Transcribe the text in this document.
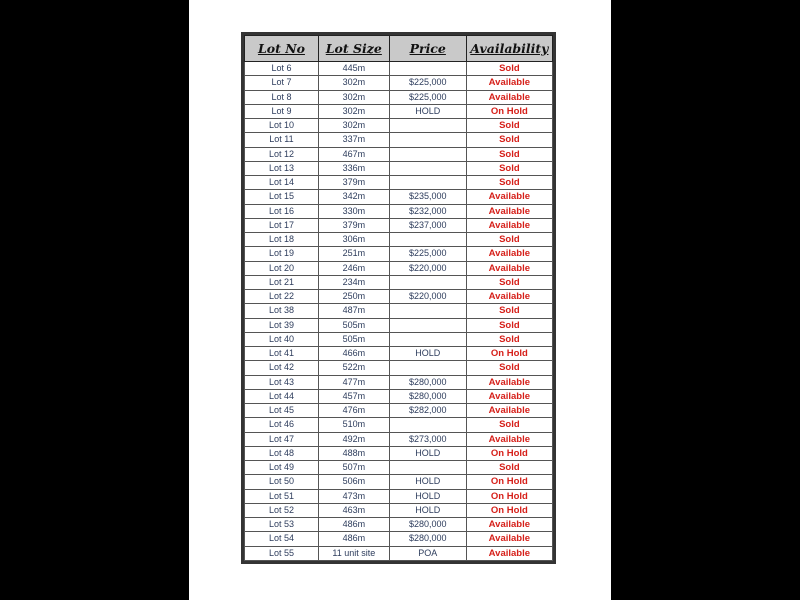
Lot No	Lot Size	Price	Availability
Lot 6	445m		Sold
Lot 7	302m	$225,000	Available
Lot 8	302m	$225,000	Available
Lot 9	302m	HOLD	On Hold
Lot 10	302m		Sold
Lot 11	337m		Sold
Lot 12	467m		Sold
Lot 13	336m		Sold
Lot 14	379m		Sold
Lot 15	342m	$235,000	Available
Lot 16	330m	$232,000	Available
Lot 17	379m	$237,000	Available
Lot 18	306m		Sold
Lot 19	251m	$225,000	Available
Lot 20	246m	$220,000	Available
Lot 21	234m		Sold
Lot 22	250m	$220,000	Available
Lot 38	487m		Sold
Lot 39	505m		Sold
Lot 40	505m		Sold
Lot 41	466m	HOLD	On Hold
Lot 42	522m		Sold
Lot 43	477m	$280,000	Available
Lot 44	457m	$280,000	Available
Lot 45	476m	$282,000	Available
Lot 46	510m		Sold
Lot 47	492m	$273,000	Available
Lot 48	488m	HOLD	On Hold
Lot 49	507m		Sold
Lot 50	506m	HOLD	On Hold
Lot 51	473m	HOLD	On Hold
Lot 52	463m	HOLD	On Hold
Lot 53	486m	$280,000	Available
Lot 54	486m	$280,000	Available
Lot 55	11 unit site	POA	Available
